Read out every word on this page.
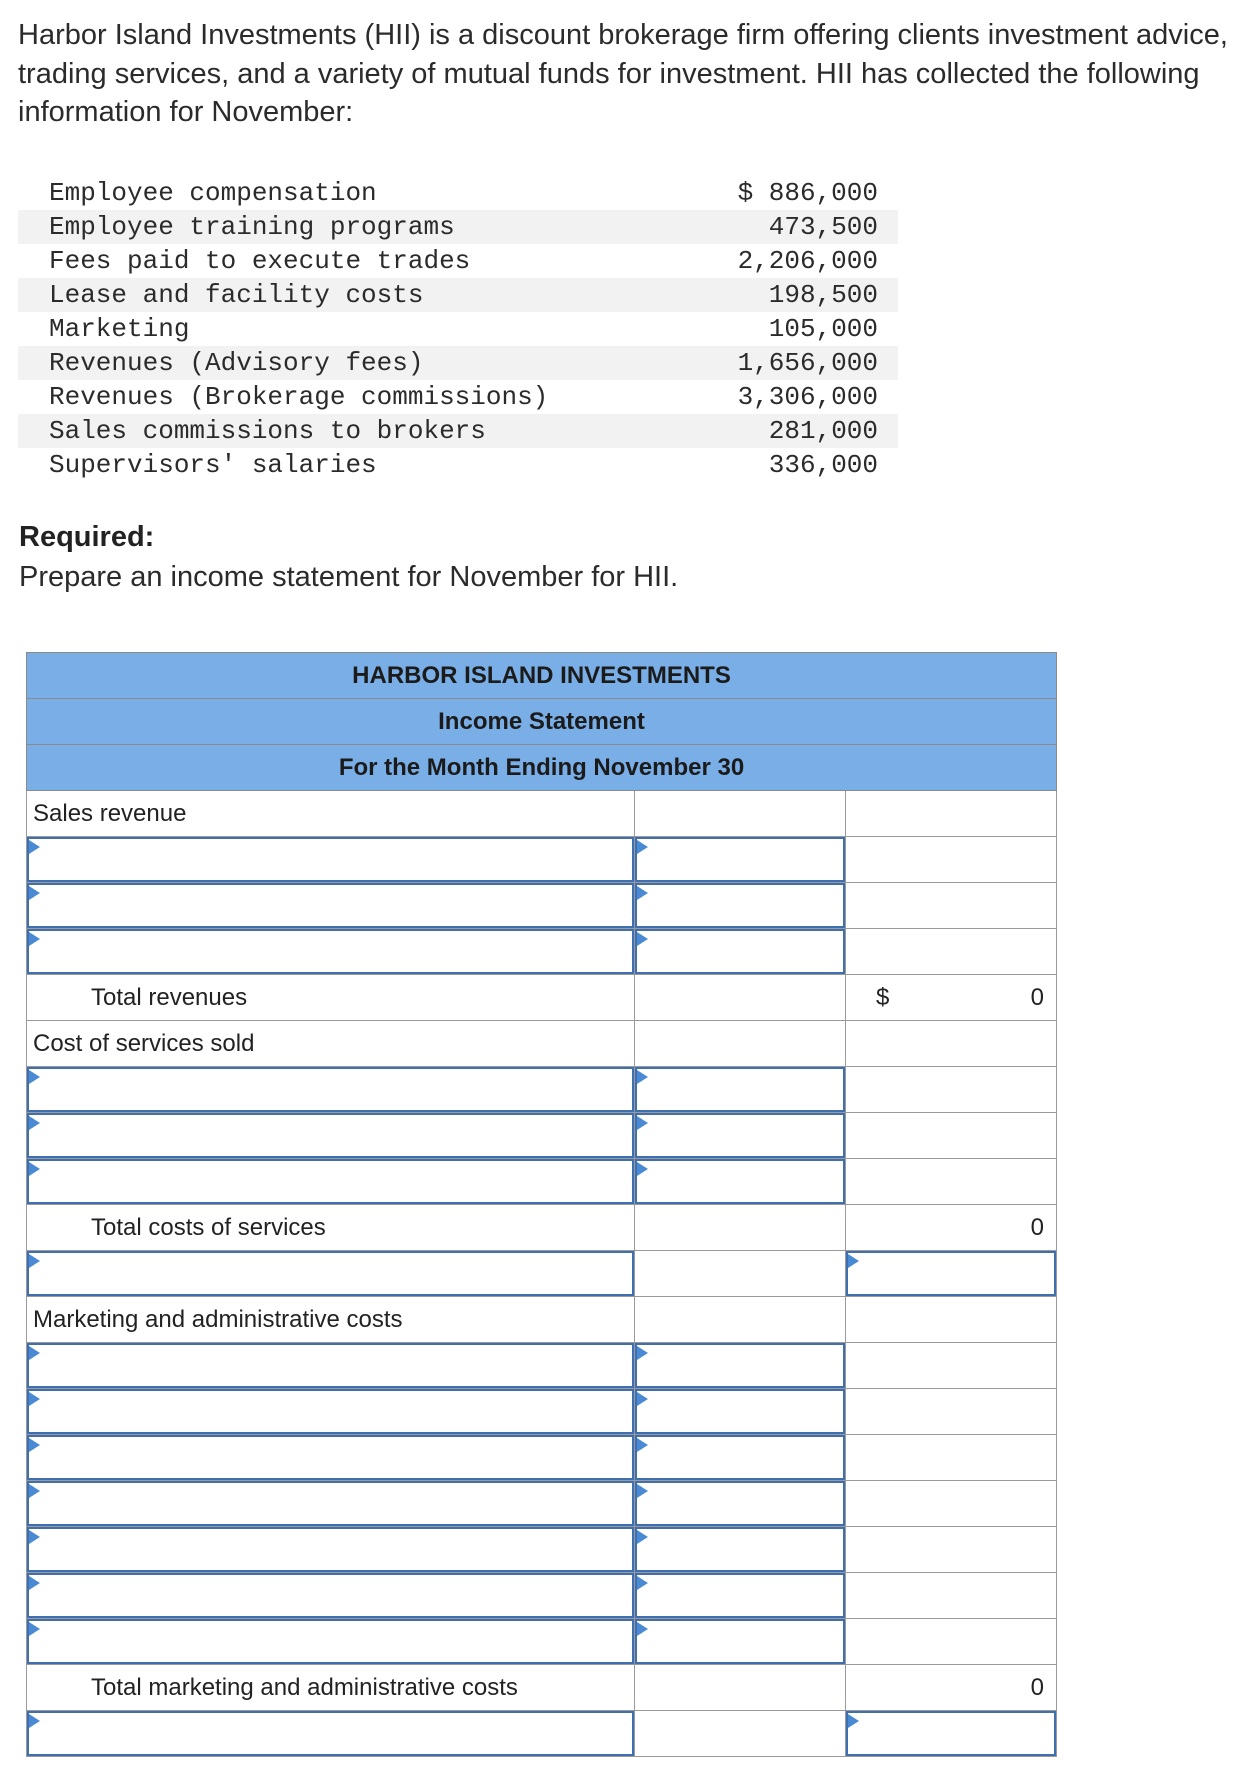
Harbor Island Investments (HII) is a discount brokerage firm offering clients investment advice, trading services, and a variety of mutual funds for investment. HII has collected the following information for November:
Employee compensation	$ 886,000
Employee training programs	473,500
Fees paid to execute trades	2,206,000
Lease and facility costs	198,500
Marketing	105,000
Revenues (Advisory fees)	1,656,000
Revenues (Brokerage commissions)	3,306,000
Sales commissions to brokers	281,000
Supervisors' salaries	336,000
Required:
Prepare an income statement for November for HII.
HARBOR ISLAND INVESTMENTS		
Income Statement		
For the Month Ending November 30		
Sales revenue		

Total revenues		$ 0
Cost of services sold		

Total costs of services		0

Marketing and administrative costs		

Total marketing and administrative costs		0
